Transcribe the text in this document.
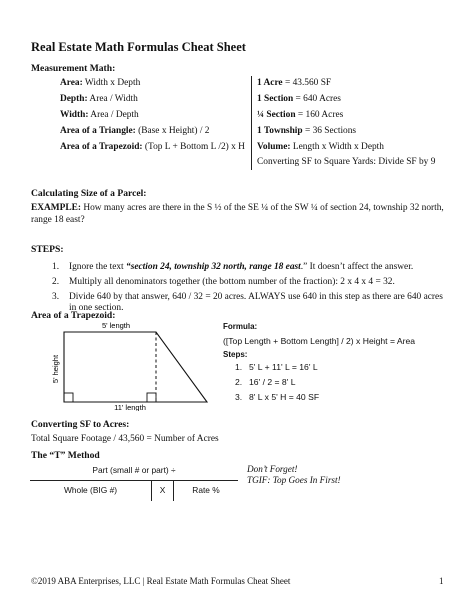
Real Estate Math Formulas Cheat Sheet
Measurement Math:
Area: Width x Depth
Depth: Area / Width
Width: Area / Depth
Area of a Triangle: (Base x Height) / 2
Area of a Trapezoid: (Top L + Bottom L /2) x H
1 Acre = 43.560 SF
1 Section = 640 Acres
¼ Section = 160 Acres
1 Township = 36 Sections
Volume: Length x Width x Depth
Converting SF to Square Yards: Divide SF by 9
Calculating Size of a Parcel:
EXAMPLE: How many acres are there in the S ½ of the SE ¼ of the SW ¼ of section 24, township 32 north, range 18 east?
STEPS:
1. Ignore the text “section 24, township 32 north, range 18 east.” It doesn’t affect the answer.
2. Multiply all denominators together (the bottom number of the fraction): 2 x 4 x 4 = 32.
3. Divide 640 by that answer, 640 / 32 = 20 acres. ALWAYS use 640 in this step as there are 640 acres in one section.
Area of a Trapezoid:
5' length
5' height
11' length
Formula:
([Top Length + Bottom Length] / 2) x Height = Area
Steps:
1. 5' L + 11' L = 16' L
2. 16' / 2 = 8' L
3. 8' L x 5' H = 40 SF
Converting SF to Acres:
Total Square Footage / 43,560 = Number of Acres
The “T” Method
Part (small # or part) ÷
Whole (BIG #)	X	Rate %
Don’t Forget!
TGIF: Top Goes In First!
©2019 ABA Enterprises, LLC | Real Estate Math Formulas Cheat Sheet	1
